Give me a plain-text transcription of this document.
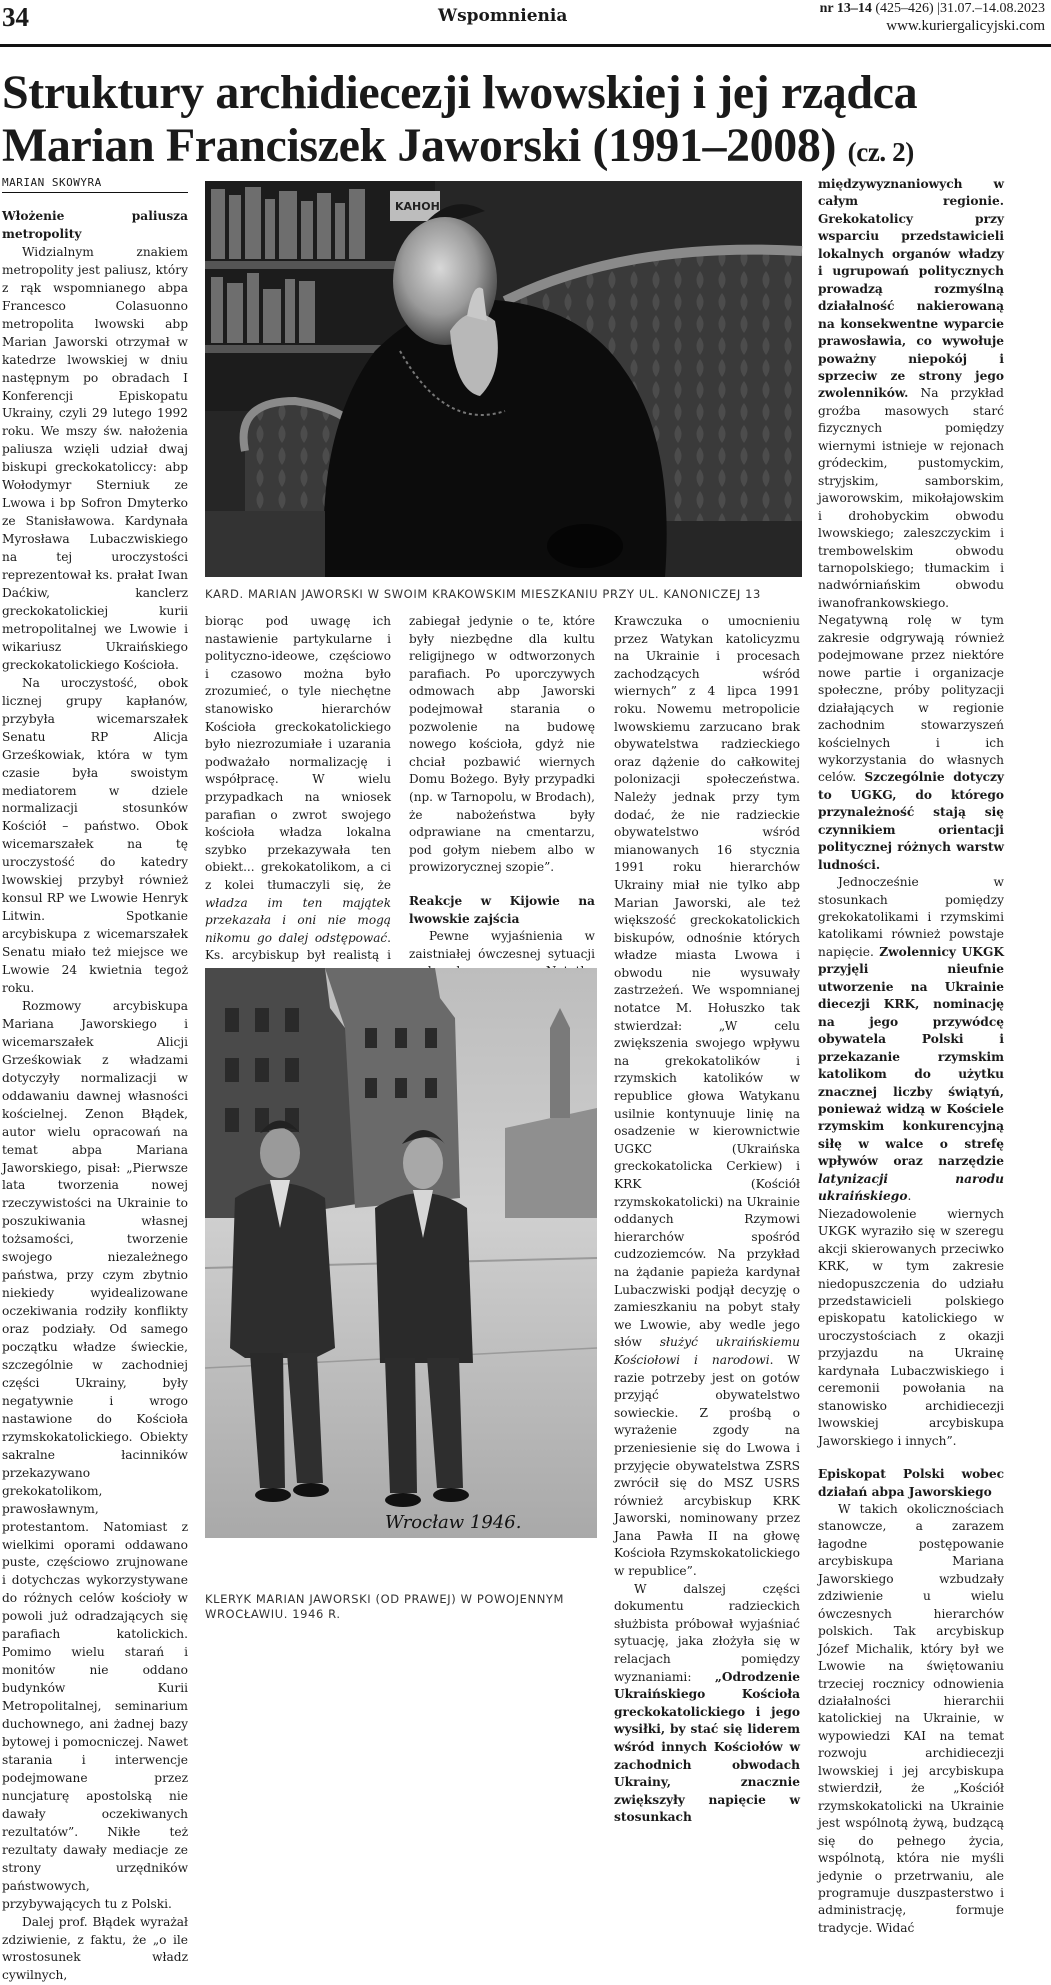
34	Wspomnienia	nr 13–14 (425–426) |31.07.–14.08.2023
www.kuriergalicyjski.com
Struktury archidiecezji lwowskiej i jej rządca
Marian Franciszek Jaworski (1991–2008) (cz. 2)
MARIAN SKOWYRA

Włożenie paliusza metropolity

Widzialnym znakiem metropolity jest paliusz, który z rąk wspomnianego abpa Francesco Colasuonno metropolita lwowski abp Marian Jaworski otrzymał w katedrze lwowskiej w dniu następnym po obradach I Konferencji Episkopatu Ukrainy, czyli 29 lutego 1992 roku. We mszy św. nałożenia paliusza wzięli udział dwaj biskupi greckokatoliccy: abp Wołodymyr Sterniuk ze Lwowa i bp Sofron Dmyterko ze Stanisławowa. Kardynała Myrosława Lubaczwiskiego na tej uroczystości reprezentował ks. prałat Iwan Daćkiw, kanclerz greckokatolickiej kurii metropolitalnej we Lwowie i wikariusz Ukraińskiego greckokatolickiego Kościoła.

Na uroczystość, obok licznej grupy kapłanów, przybyła wicemarszałek Senatu RP Alicja Grześkowiak, która w tym czasie była swoistym mediatorem w dziele normalizacji stosunków Kościół – państwo. Obok wicemarszałek na tę uroczystość do katedry lwowskiej przybył również konsul RP we Lwowie Henryk Litwin. Spotkanie arcybiskupa z wicemarszałek Senatu miało też miejsce we Lwowie 24 kwietnia tegoż roku.

Rozmowy arcybiskupa Mariana Jaworskiego i wicemarszałek Alicji Grześkowiak z władzami dotyczyły normalizacji w oddawaniu dawnej własności kościelnej. Zenon Błądek, autor wielu opracowań na temat abpa Mariana Jaworskiego, pisał: „Pierwsze lata tworzenia nowej rzeczywistości na Ukrainie to poszukiwania własnej tożsamości, tworzenie swojego niezależnego państwa, przy czym zbytnio niekiedy wyidealizowane oczekiwania rodziły konflikty oraz podziały. Od samego początku władze świeckie, szczególnie w zachodniej części Ukrainy, były negatywnie i wrogo nastawione do Kościoła rzymskokatolickiego. Obiekty sakralne łacinników przekazywano grekokatolikom, prawosławnym, protestantom. Natomiast z wielkimi oporami oddawano puste, częściowo zrujnowane i dotychczas wykorzystywane do różnych celów kościoły w powoli już odradzających się parafiach katolickich. Pomimo wielu starań i monitów nie oddano budynków Kurii Metropolitalnej, seminarium duchownego, ani żadnej bazy bytowej i pomocniczej. Nawet starania i interwencje podejmowane przez nuncjaturę apostolską nie dawały oczekiwanych rezultatów”. Nikłe też rezultaty dawały mediacje ze strony urzędników państwowych, przybywających tu z Polski.

Dalej prof. Błądek wyrażał zdziwienie, z faktu, że „o ile wrostosunek władz cywilnych,

KAHOH
KARD. MARIAN JAWORSKI W SWOIM KRAKOWSKIM MIESZKANIU PRZY UL. KANONICZEJ 13

biorąc pod uwagę ich nastawienie partykularne i polityczno-ideowe, częściowo i czasowo można było zrozumieć, o tyle niechętne stanowisko hierarchów Kościoła greckokatolickiego było niezrozumiałe i uzarania podważało normalizację i współpracę. W wielu przypadkach na wniosek parafian o zwrot swojego kościoła władza lokalna szybko przekazywała ten obiekt... grekokatolikom, a ci z kolei tłumaczyli się, że władza im ten majątek przekazała i oni nie mogą nikomu go dalej odstępować. Ks. arcybiskup był realistą i

zabiegał jedynie o te, które były niezbędne dla kultu religijnego w odtworzonych parafiach. Po uporczywych odmowach abp Jaworski podejmował starania o pozwolenie na budowę nowego kościoła, gdyż nie chciał pozbawić wiernych Domu Bożego. Były przypadki (np. w Tarnopolu, w Brodach), że nabożeństwa były odprawiane na cmentarzu, pod gołym niebem albo w prowizorycznej szopie”.

Reakcje w Kijowie na lwowskie zajścia

Pewne wyjaśnienia w zaistniałej ówczesnej sytuacji

Wrocław 1946.
KLERYK MARIAN JAWORSKI (OD PRAWEJ) W POWOJENNYM
WROCŁAWIU. 1946 R.

Krawczuka o umocnieniu przez Watykan katolicyzmu na Ukrainie i procesach zachodzących wśród wiernych” z 4 lipca 1991 roku. Nowemu metropolicie lwowskiemu zarzucano brak obywatelstwa radzieckiego oraz dążenie do całkowitej polonizacji społeczeństwa. Należy jednak przy tym dodać, że nie radzieckie obywatelstwo wśród mianowanych 16 stycznia 1991 roku hierarchów Ukrainy miał nie tylko abp Marian Jaworski, ale też większość greckokatolickich biskupów, odnośnie których władze miasta Lwowa i obwodu nie wysuwały zastrzeżeń. We wspomnianej notatce M. Hołuszko tak stwierdzał: „W celu zwiększenia swojego wpływu na grekokatolików i rzymskich katolików w republice głowa Watykanu usilnie kontynuuje linię na osadzenie w kierownictwie UGKC (Ukraińska greckokatolicka Cerkiew) i KRK (Kościół rzymskokatolicki) na Ukrainie oddanych Rzymowi hierarchów spośród cudzoziemców. Na przykład na żądanie papieża kardynał Lubaczwiski podjął decyzję o zamieszkaniu na pobyt stały we Lwowie, aby wedle jego słów służyć ukraińskiemu Kościołowi i narodowi. W razie potrzeby jest on gotów przyjąć obywatelstwo sowieckie. Z prośbą o wyrażenie zgody na przeniesienie się do Lwowa i przyjęcie obywatelstwa ZSRS zwrócił się do MSZ USRS również arcybiskup KRK Jaworski, nominowany przez Jana Pawła II na głowę Kościoła Rzymskokatolickiego w republice”.

W dalszej części dokumentu radzieckich służbista próbował wyjaśniać sytuację, jaka złożyła się w relacjach pomiędzy wyznaniami: „Odrodzenie Ukraińskiego Kościoła greckokatolickiego i jego wysiłki, by stać się liderem wśród innych Kościołów w zachodnich obwodach Ukrainy, znacznie zwiększyły napięcie w stosunkach

międzywyznaniowych w całym regionie. Grekokatolicy przy wsparciu przedstawicieli lokalnych organów władzy i ugrupowań politycznych prowadzą rozmyślną działalność nakierowaną na konsekwentne wyparcie prawosławia, co wywołuje poważny niepokój i sprzeciw ze strony jego zwolenników. Na przykład groźba masowych starć fizycznych pomiędzy wiernymi istnieje w rejonach gródeckim, pustomyckim, stryjskim, samborskim, jaworowskim, mikołajowskim i drohobyckim obwodu lwowskiego; zaleszczyckim i trembowelskim obwodu tarnopolskiego; tłumackim i nadwórniańskim obwodu iwanofrankowskiego. Negatywną rolę w tym zakresie odgrywają również podejmowane przez niektóre nowe partie i organizacje społeczne, próby polityzacji działających w regionie zachodnim stowarzyszeń kościelnych i ich wykorzystania do własnych celów. Szczególnie dotyczy to UGKG, do którego przynależność stają się czynnikiem orientacji politycznej różnych warstw ludności.

Jednocześnie w stosunkach pomiędzy grekokatolikami i rzymskimi katolikami również powstaje napięcie. Zwolennicy UKGK przyjęli nieufnie utworzenie na Ukrainie diecezji KRK, nominację na jego przywódcę obywatela Polski i przekazanie rzymskim katolikom do użytku znacznej liczby świątyń, ponieważ widzą w Kościele rzymskim konkurencyjną siłę w walce o strefę wpływów oraz narzędzie latynizacji narodu ukraińskiego. Niezadowolenie wiernych UKGK wyraziło się w szeregu akcji skierowanych przeciwko KRK, w tym zakresie niedopuszczenia do udziału przedstawicieli polskiego episkopatu katolickiego w uroczystościach z okazji przyjazdu na Ukrainę kardynała Lubaczwiskiego i ceremonii powołania na stanowisko archidiecezji lwowskiej arcybiskupa Jaworskiego i innych”.

Episkopat Polski wobec działań abpa Jaworskiego

W takich okolicznościach stanowcze, a zarazem łagodne postępowanie arcybiskupa Mariana Jaworskiego wzbudzały zdziwienie u wielu ówczesnych hierarchów polskich. Tak arcybiskup Józef Michalik, który był we Lwowie na świętowaniu trzeciej rocznicy odnowienia działalności hierarchii katolickiej na Ukrainie, w wypowiedzi KAI na temat rozwoju archidiecezji lwowskiej i jej arcybiskupa stwierdził, że „Kościół rzymskokatolicki na Ukrainie jest wspólnotą żywą, budzącą się do pełnego życia, wspólnotą, która nie myśli jedynie o przetrwaniu, ale programuje duszpasterstwo i administrację, formuje tradycje. Widać
